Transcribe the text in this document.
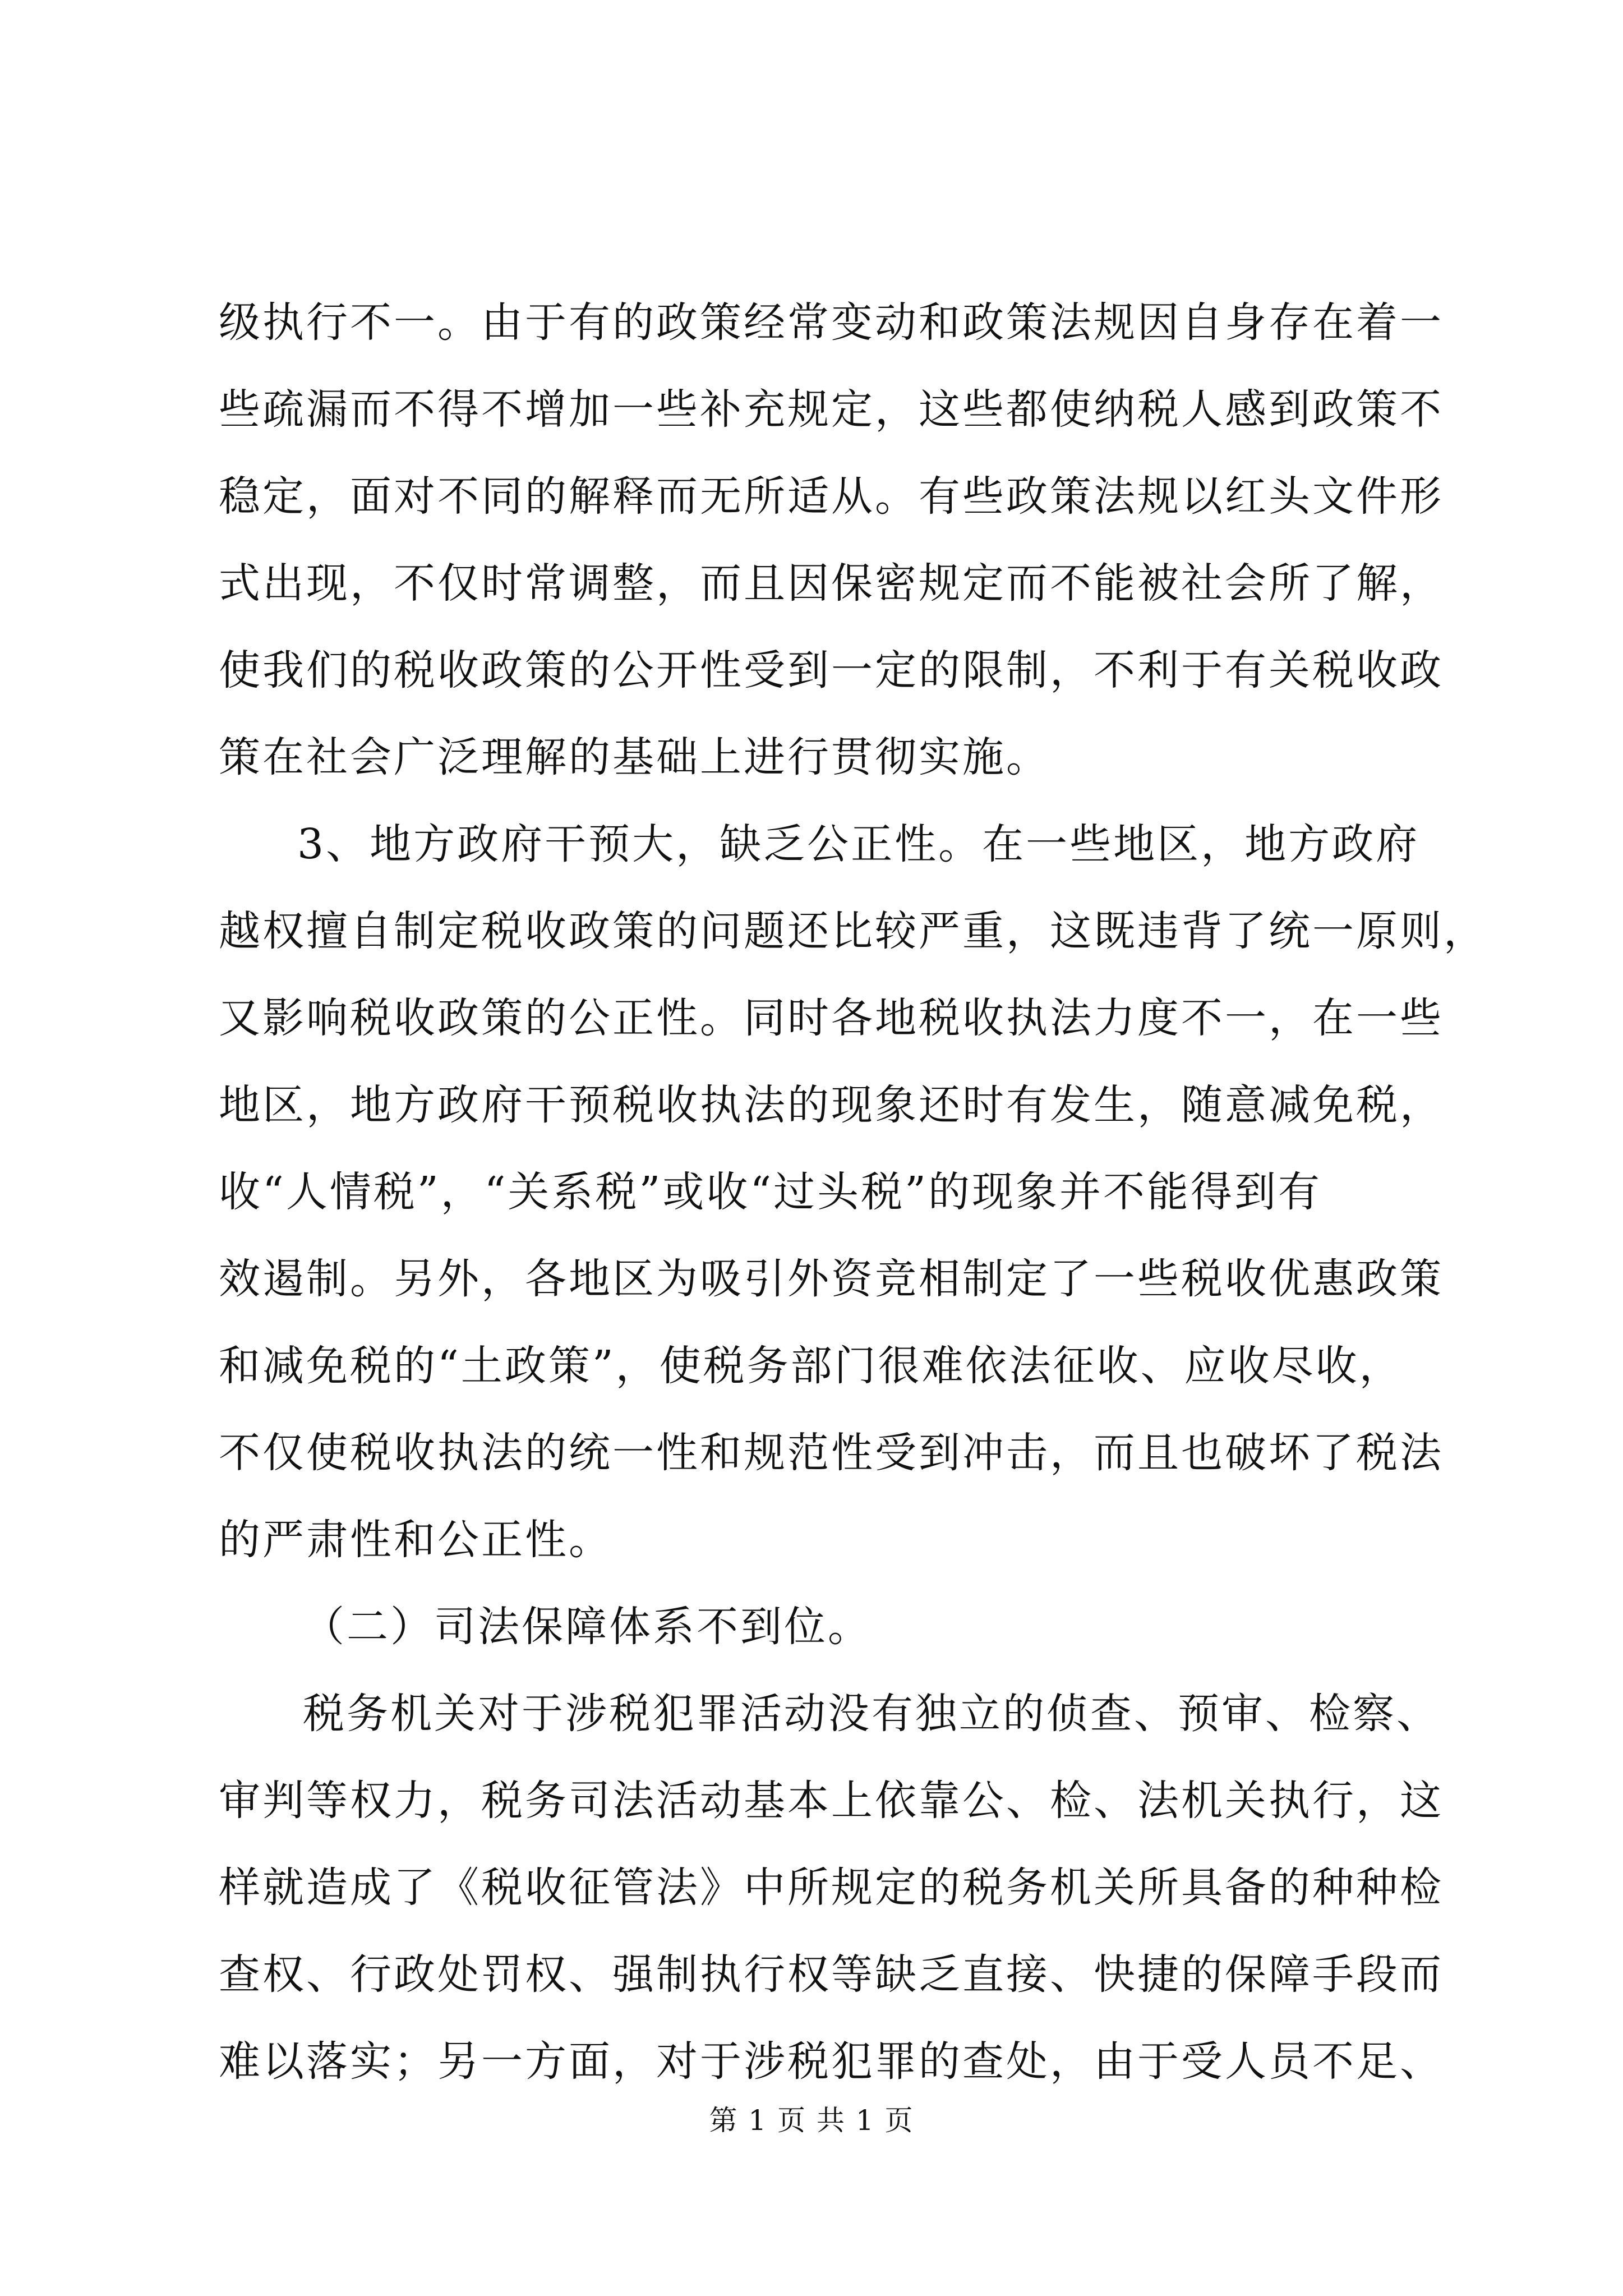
级执行不一。由于有的政策经常变动和政策法规因自身存在着一
些疏漏而不得不增加一些补充规定，这些都使纳税人感到政策不
稳定，面对不同的解释而无所适从。有些政策法规以红头文件形
式出现，不仅时常调整，而且因保密规定而不能被社会所了解，
使我们的税收政策的公开性受到一定的限制，不利于有关税收政
策在社会广泛理解的基础上进行贯彻实施。
3、地方政府干预大，缺乏公正性。在一些地区，地方政府
越权擅自制定税收政策的问题还比较严重，这既违背了统一原则，
又影响税收政策的公正性。同时各地税收执法力度不一，在一些
地区，地方政府干预税收执法的现象还时有发生，随意减免税，
收“人情税”，“关系税”或收“过头税”的现象并不能得到有
效遏制。另外，各地区为吸引外资竞相制定了一些税收优惠政策
和减免税的“土政策”，使税务部门很难依法征收、应收尽收，
不仅使税收执法的统一性和规范性受到冲击，而且也破坏了税法
的严肃性和公正性。
（二）司法保障体系不到位。
税务机关对于涉税犯罪活动没有独立的侦查、预审、检察、
审判等权力，税务司法活动基本上依靠公、检、法机关执行，这
样就造成了《税收征管法》中所规定的税务机关所具备的种种检
查权、行政处罚权、强制执行权等缺乏直接、快捷的保障手段而
难以落实；另一方面，对于涉税犯罪的查处，由于受人员不足、
第 1 页 共 1 页
